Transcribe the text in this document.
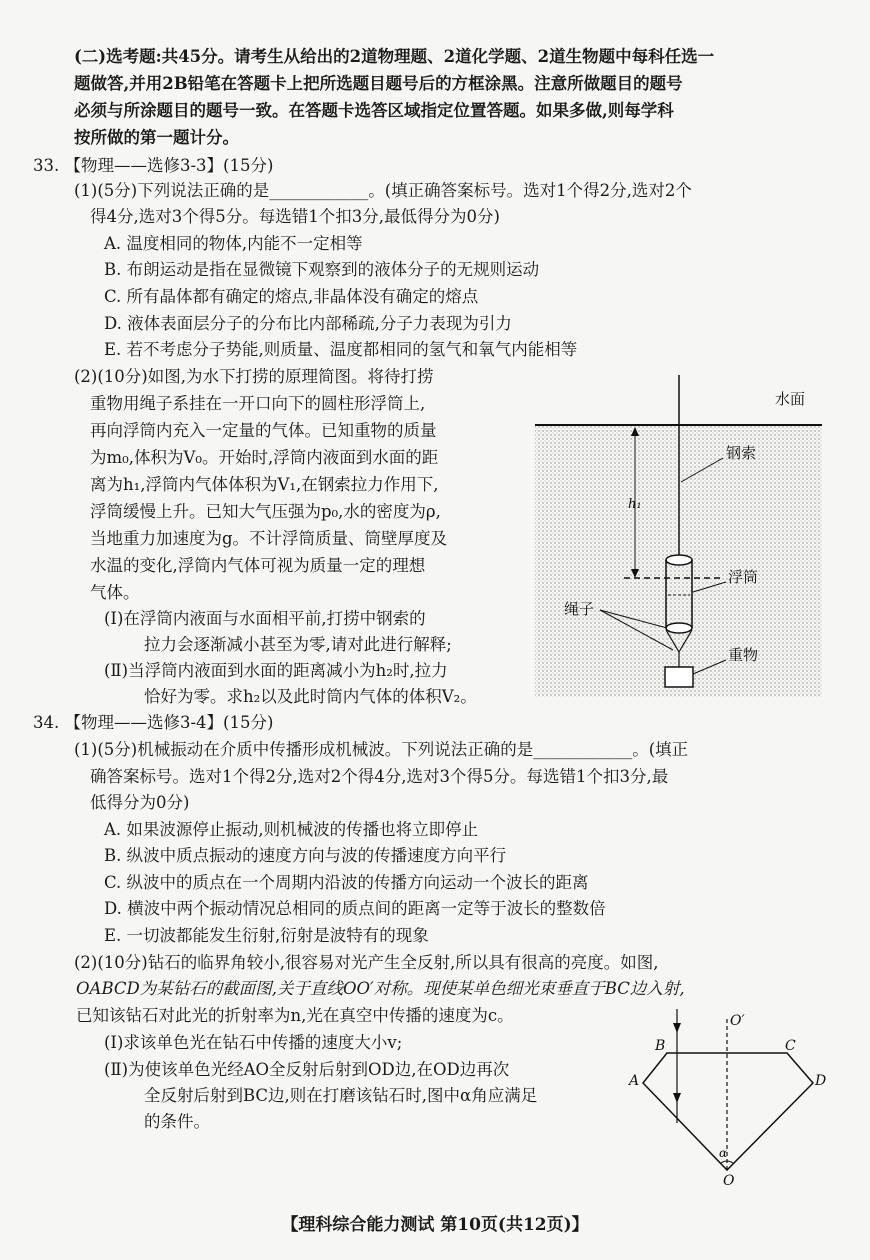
(二)选考题:共45分。请考生从给出的2道物理题、2道化学题、2道生物题中每科任选一
题做答,并用2B铅笔在答题卡上把所选题目题号后的方框涂黑。注意所做题目的题号
必须与所涂题目的题号一致。在答题卡选答区域指定位置答题。如果多做,则每学科
按所做的第一题计分。
33. 【物理——选修3-3】(15分)
(1)(5分)下列说法正确的是____________。(填正确答案标号。选对1个得2分,选对2个
得4分,选对3个得5分。每选错1个扣3分,最低得分为0分)
A. 温度相同的物体,内能不一定相等
B. 布朗运动是指在显微镜下观察到的液体分子的无规则运动
C. 所有晶体都有确定的熔点,非晶体没有确定的熔点
D. 液体表面层分子的分布比内部稀疏,分子力表现为引力
E. 若不考虑分子势能,则质量、温度都相同的氢气和氧气内能相等
(2)(10分)如图,为水下打捞的原理简图。将待打捞
重物用绳子系挂在一开口向下的圆柱形浮筒上,
再向浮筒内充入一定量的气体。已知重物的质量
为m₀,体积为V₀。开始时,浮筒内液面到水面的距
离为h₁,浮筒内气体体积为V₁,在钢索拉力作用下,
浮筒缓慢上升。已知大气压强为p₀,水的密度为ρ,
当地重力加速度为g。不计浮筒质量、筒壁厚度及
水温的变化,浮筒内气体可视为质量一定的理想
气体。
(Ⅰ)在浮筒内液面与水面相平前,打捞中钢索的
拉力会逐渐减小甚至为零,请对此进行解释;
(Ⅱ)当浮筒内液面到水面的距离减小为h₂时,拉力
恰好为零。求h₂以及此时筒内气体的体积V₂。
水面
钢索
h₁
浮筒
绳子
重物
34. 【物理——选修3-4】(15分)
(1)(5分)机械振动在介质中传播形成机械波。下列说法正确的是____________。(填正
确答案标号。选对1个得2分,选对2个得4分,选对3个得5分。每选错1个扣3分,最
低得分为0分)
A. 如果波源停止振动,则机械波的传播也将立即停止
B. 纵波中质点振动的速度方向与波的传播速度方向平行
C. 纵波中的质点在一个周期内沿波的传播方向运动一个波长的距离
D. 横波中两个振动情况总相同的质点间的距离一定等于波长的整数倍
E. 一切波都能发生衍射,衍射是波特有的现象
(2)(10分)钻石的临界角较小,很容易对光产生全反射,所以具有很高的亮度。如图,
OABCD为某钻石的截面图,关于直线OO′对称。现使某单色细光束垂直于BC边入射,
已知该钻石对此光的折射率为n,光在真空中传播的速度为c。
(Ⅰ)求该单色光在钻石中传播的速度大小v;
(Ⅱ)为使该单色光经AO全反射后射到OD边,在OD边再次
全反射后射到BC边,则在打磨该钻石时,图中α角应满足
的条件。
O′
B	C
A	D
α
O
【理科综合能力测试 第10页(共12页)】
